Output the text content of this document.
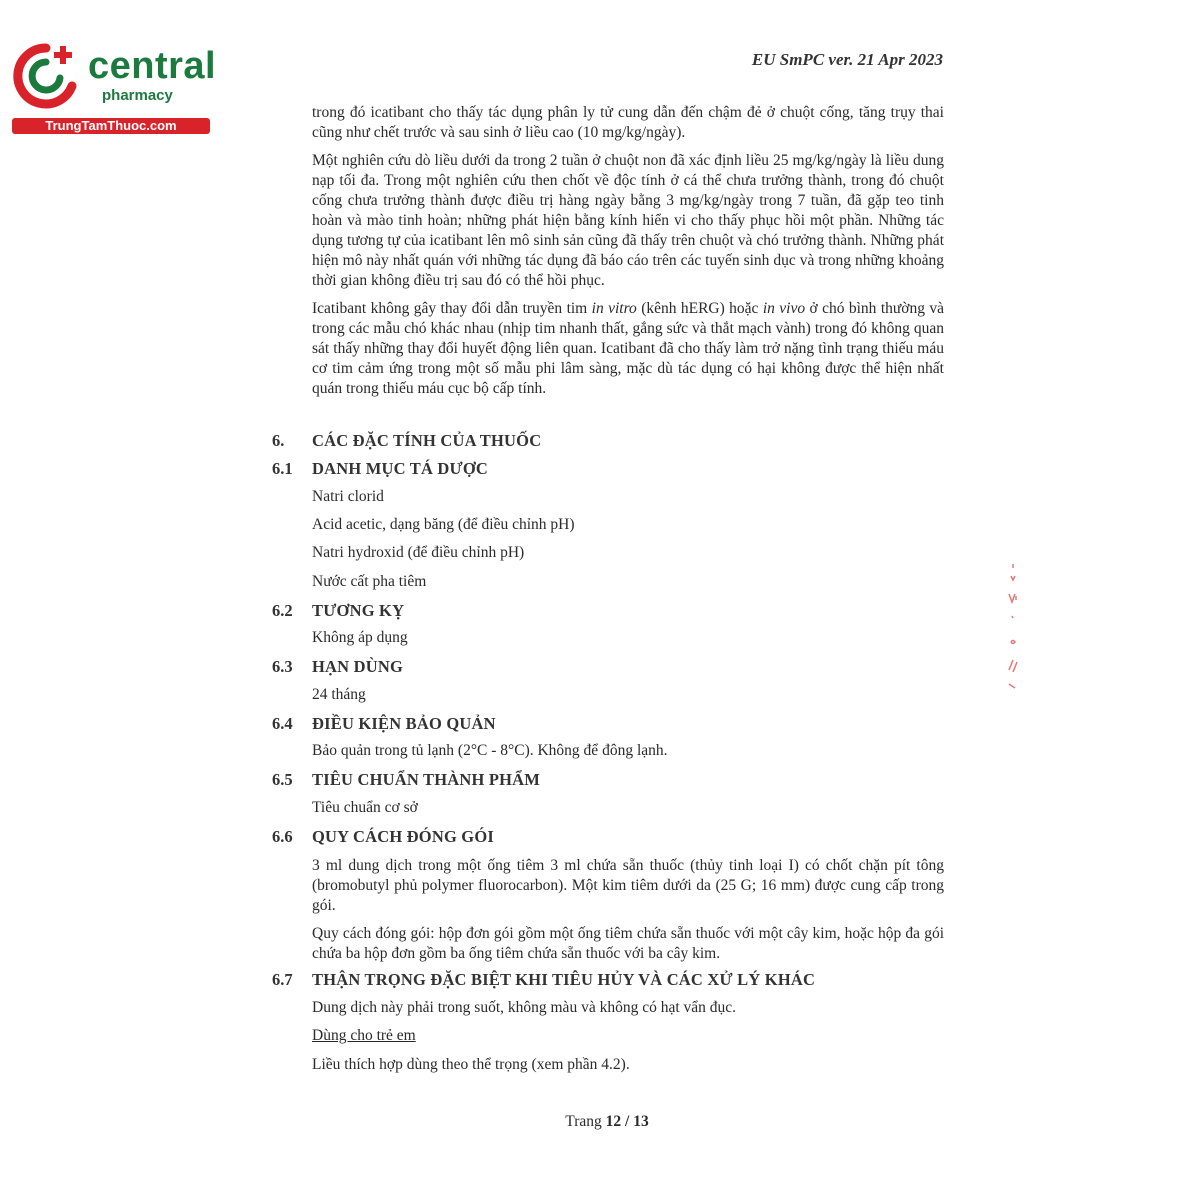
central
pharmacy
TrungTamThuoc.com
EU SmPC ver. 21 Apr 2023

trong đó icatibant cho thấy tác dụng phân ly tử cung dẫn đến chậm đẻ ở chuột cống, tăng trụy thai cũng như chết trước và sau sinh ở liều cao (10 mg/kg/ngày).

Một nghiên cứu dò liều dưới da trong 2 tuần ở chuột non đã xác định liều 25 mg/kg/ngày là liều dung nạp tối đa. Trong một nghiên cứu then chốt về độc tính ở cá thể chưa trưởng thành, trong đó chuột cống chưa trưởng thành được điều trị hàng ngày bằng 3 mg/kg/ngày trong 7 tuần, đã gặp teo tinh hoàn và mào tinh hoàn; những phát hiện bằng kính hiển vi cho thấy phục hồi một phần. Những tác dụng tương tự của icatibant lên mô sinh sản cũng đã thấy trên chuột và chó trưởng thành. Những phát hiện mô này nhất quán với những tác dụng đã báo cáo trên các tuyến sinh dục và trong những khoảng thời gian không điều trị sau đó có thể hồi phục.

Icatibant không gây thay đổi dẫn truyền tim in vitro (kênh hERG) hoặc in vivo ở chó bình thường và trong các mẫu chó khác nhau (nhịp tim nhanh thất, gắng sức và thắt mạch vành) trong đó không quan sát thấy những thay đổi huyết động liên quan. Icatibant đã cho thấy làm trở nặng tình trạng thiếu máu cơ tim cảm ứng trong một số mẫu phi lâm sàng, mặc dù tác dụng có hại không được thể hiện nhất quán trong thiếu máu cục bộ cấp tính.

6. CÁC ĐẶC TÍNH CỦA THUỐC
6.1 DANH MỤC TÁ DƯỢC
Natri clorid
Acid acetic, dạng băng (để điều chỉnh pH)
Natri hydroxid (để điều chỉnh pH)
Nước cất pha tiêm
6.2 TƯƠNG KỴ
Không áp dụng
6.3 HẠN DÙNG
24 tháng
6.4 ĐIỀU KIỆN BẢO QUẢN
Bảo quản trong tủ lạnh (2°C - 8°C). Không để đông lạnh.
6.5 TIÊU CHUẨN THÀNH PHẨM
Tiêu chuẩn cơ sở
6.6 QUY CÁCH ĐÓNG GÓI

3 ml dung dịch trong một ống tiêm 3 ml chứa sẵn thuốc (thủy tinh loại I) có chốt chặn pít tông (bromobutyl phủ polymer fluorocarbon). Một kim tiêm dưới da (25 G; 16 mm) được cung cấp trong gói.

Quy cách đóng gói: hộp đơn gói gồm một ống tiêm chứa sẵn thuốc với một cây kim, hoặc hộp đa gói chứa ba hộp đơn gồm ba ống tiêm chứa sẵn thuốc với ba cây kim.

6.7 THẬN TRỌNG ĐẶC BIỆT KHI TIÊU HỦY VÀ CÁC XỬ LÝ KHÁC
Dung dịch này phải trong suốt, không màu và không có hạt vẩn đục.
Dùng cho trẻ em
Liều thích hợp dùng theo thể trọng (xem phần 4.2).
Trang 12 / 13
